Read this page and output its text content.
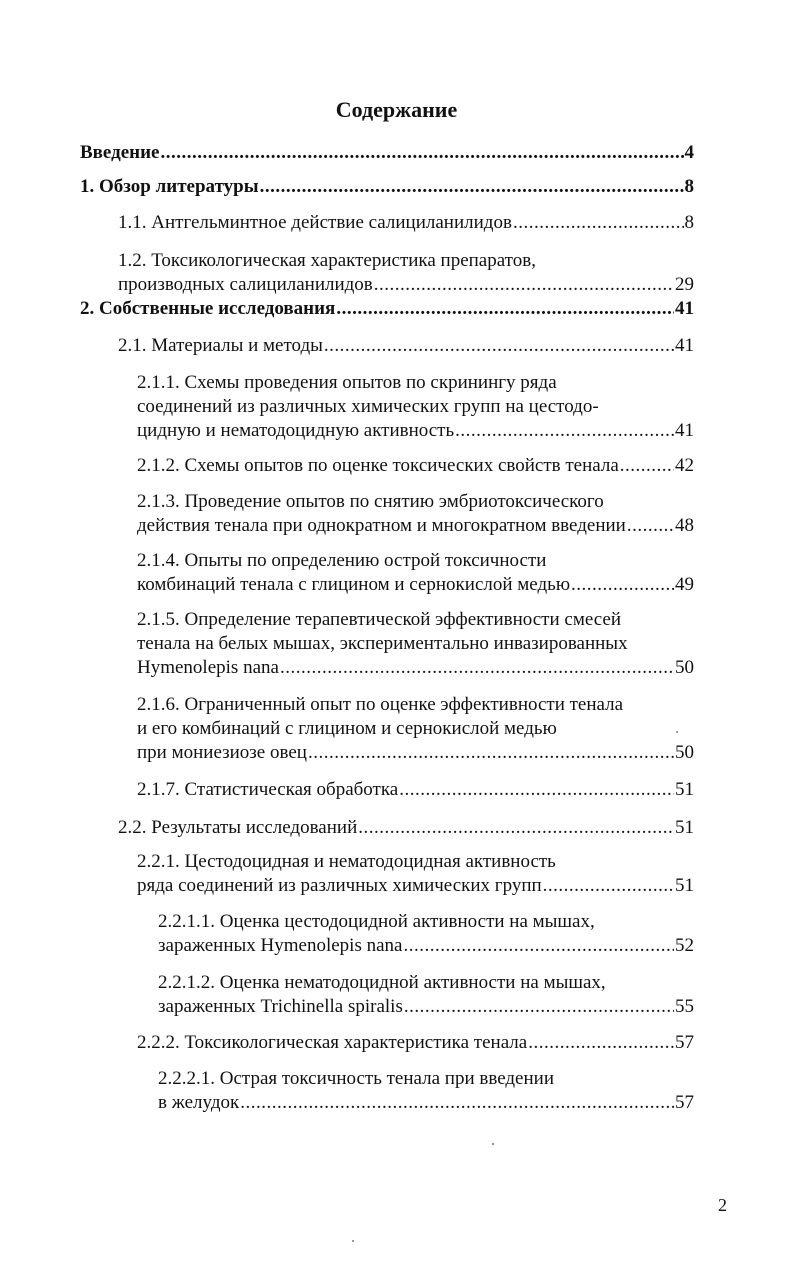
Содержание
Введение .....	4
1. Обзор литературы .....	8
1.1. Антгельминтное действие салициланилидов .....	8
1.2. Токсикологическая характеристика препаратов,
производных салициланилидов .....	29
2. Собственные исследования .....	41
2.1. Материалы и методы .....	41
2.1.1. Схемы проведения опытов по скринингу ряда
соединений из различных химических групп на цестодо-
цидную и нематодоцидную активность .....	41
2.1.2. Схемы опытов по оценке токсических свойств тенала .....	42
2.1.3. Проведение опытов по снятию эмбриотоксического
действия тенала при однократном и многократном введении .....	48
2.1.4. Опыты по определению острой токсичности
комбинаций тенала с глицином и сернокислой медью .....	49
2.1.5. Определение терапевтической эффективности смесей
тенала на белых мышах, экспериментально инвазированных
Hymenolepis nana .....	50
2.1.6. Ограниченный опыт по оценке эффективности тенала
и его комбинаций с глицином и сернокислой медью
при мониезиозе овец .....	50
2.1.7. Статистическая обработка .....	51
2.2. Результаты исследований .....	51
2.2.1. Цестодоцидная и нематодоцидная активность
ряда соединений из различных химических групп .....	51
2.2.1.1. Оценка цестодоцидной активности на мышах,
зараженных Hymenolepis nana .....	52
2.2.1.2. Оценка нематодоцидной активности на мышах,
зараженных Trichinella spiralis .....	55
2.2.2. Токсикологическая характеристика тенала .....	57
2.2.2.1. Острая токсичность тенала при введении
в желудок .....	57
2
